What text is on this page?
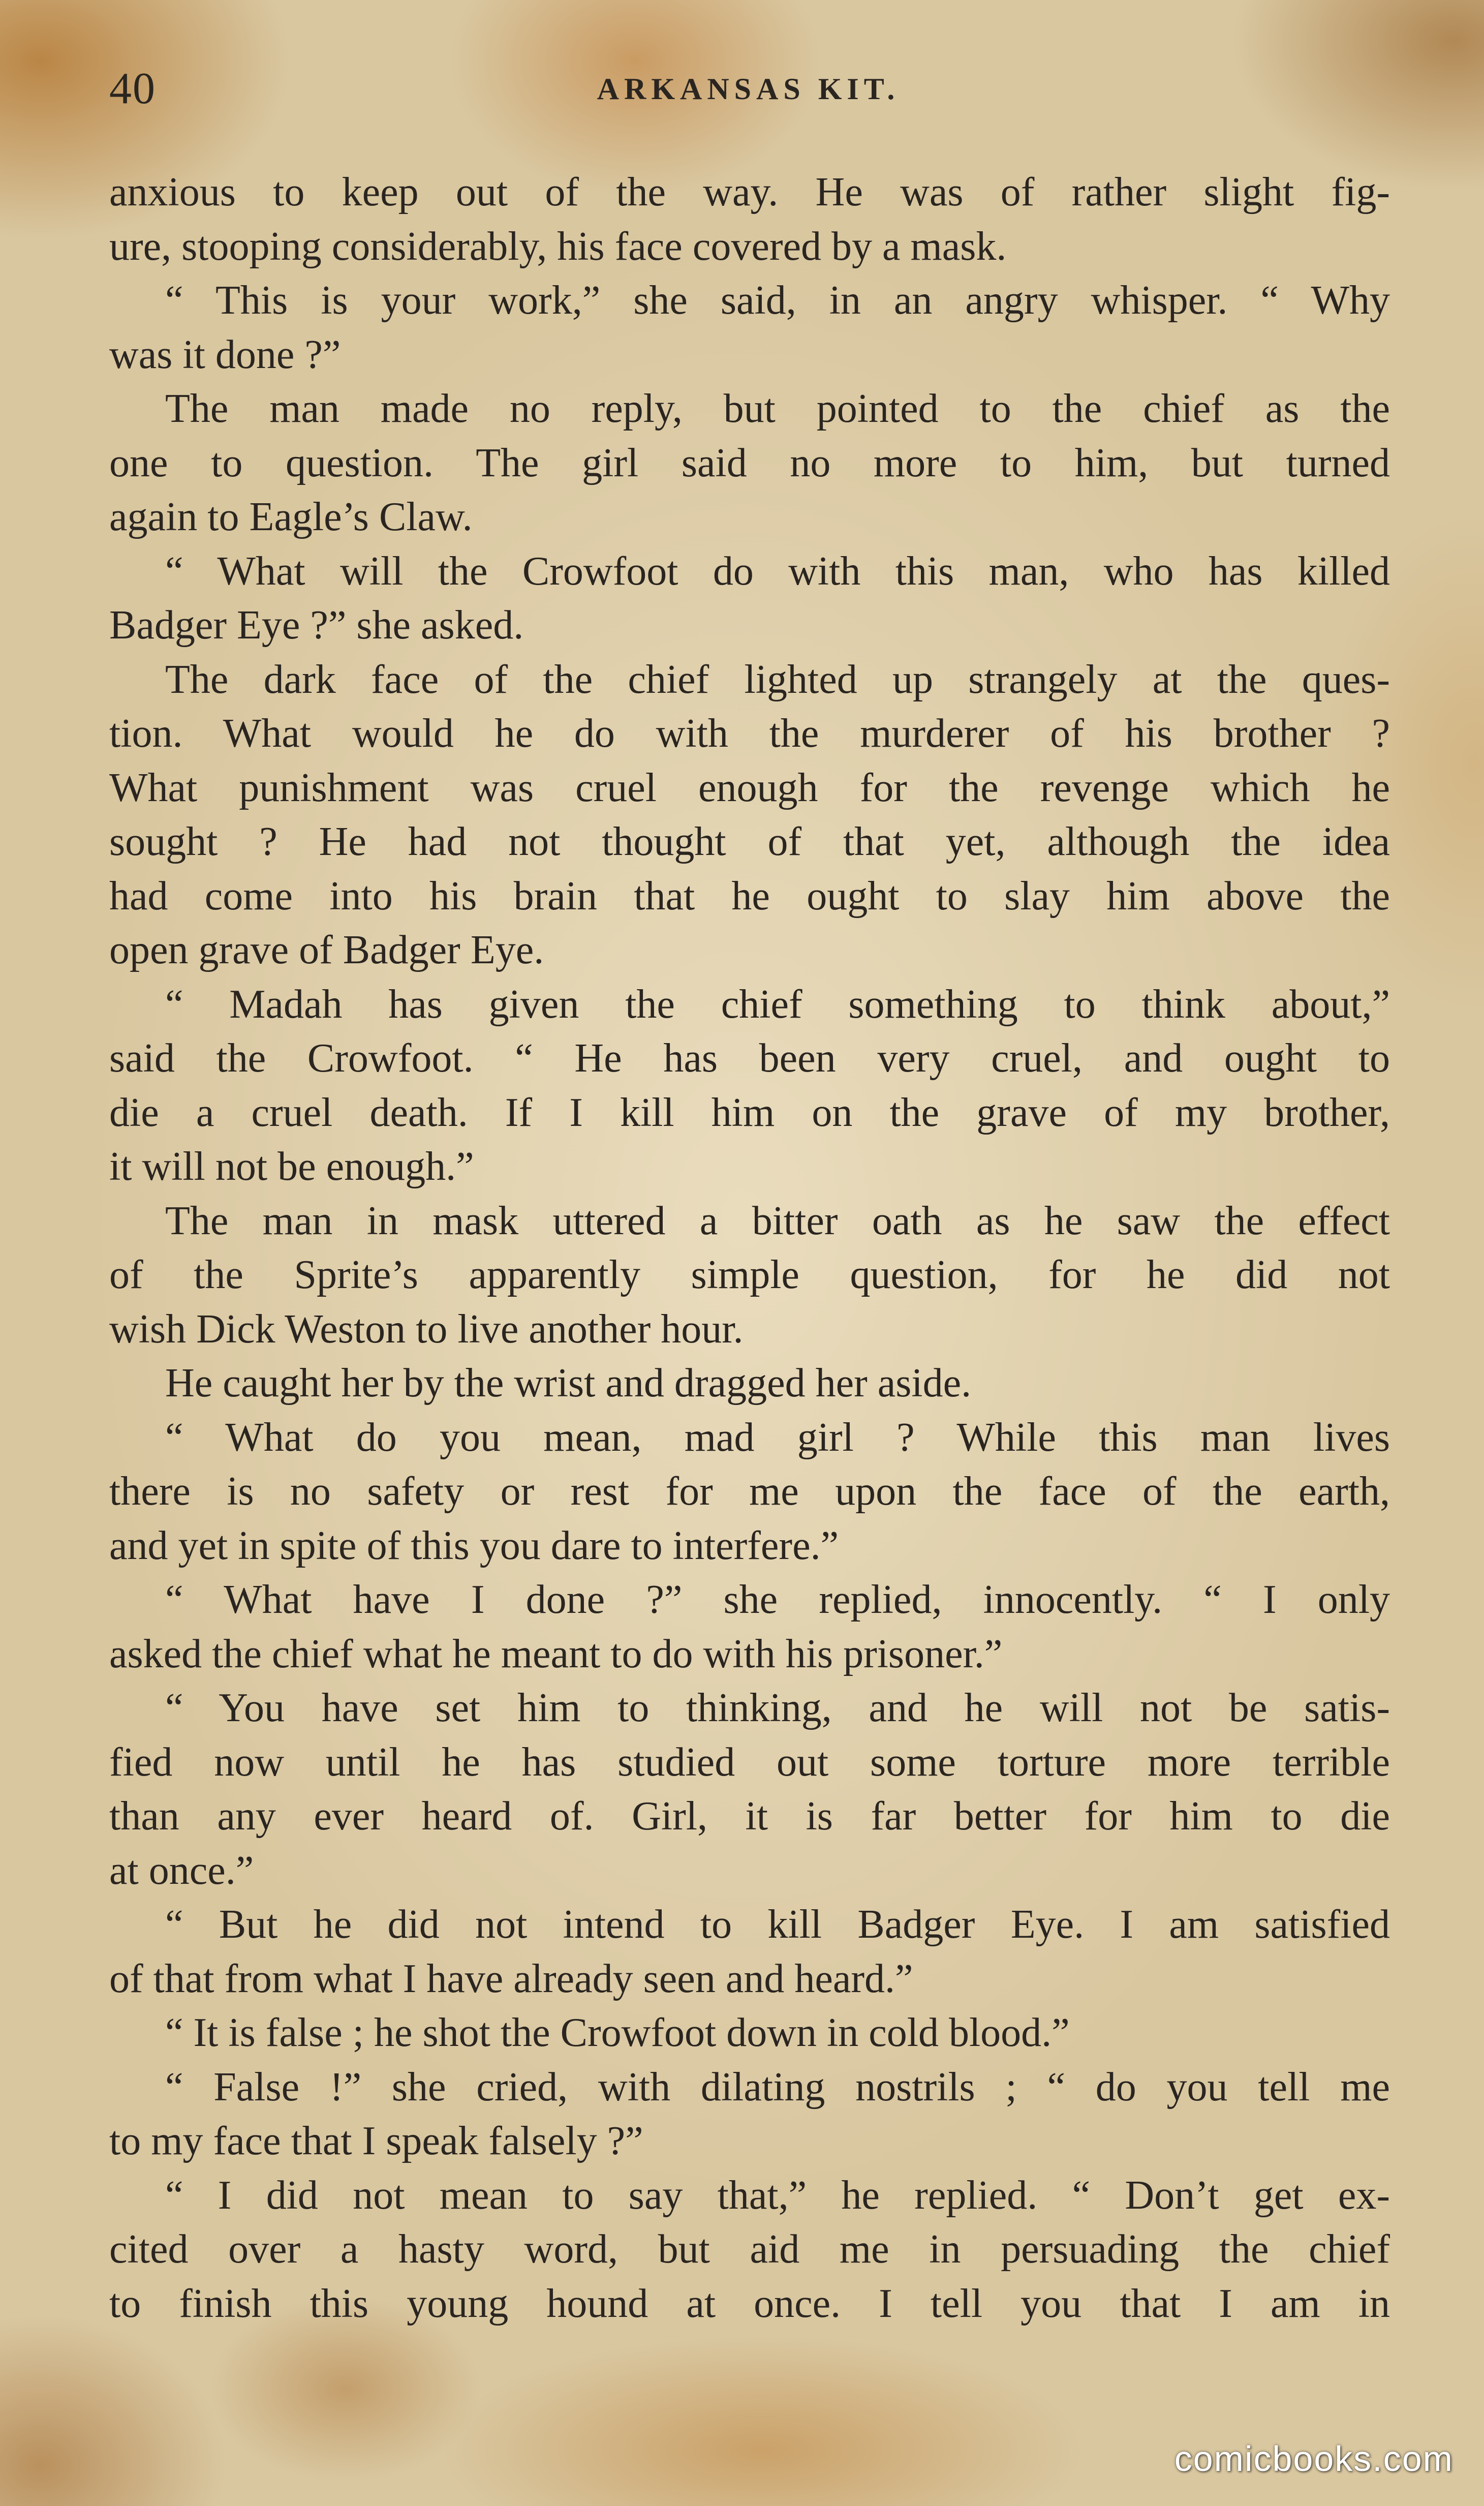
40	ARKANSAS KIT.
anxious to keep out of the way. He was of rather slight fig-
ure, stooping considerably, his face covered by a mask.
“ This is your work,” she said, in an angry whisper. “ Why
was it done ?”
The man made no reply, but pointed to the chief as the
one to question. The girl said no more to him, but turned
again to Eagle’s Claw.
“ What will the Crowfoot do with this man, who has killed
Badger Eye ?” she asked.
The dark face of the chief lighted up strangely at the ques-
tion. What would he do with the murderer of his brother ?
What punishment was cruel enough for the revenge which he
sought ? He had not thought of that yet, although the idea
had come into his brain that he ought to slay him above the
open grave of Badger Eye.
“ Madah has given the chief something to think about,”
said the Crowfoot. “ He has been very cruel, and ought to
die a cruel death. If I kill him on the grave of my brother,
it will not be enough.”
The man in mask uttered a bitter oath as he saw the effect
of the Sprite’s apparently simple question, for he did not
wish Dick Weston to live another hour.
He caught her by the wrist and dragged her aside.
“ What do you mean, mad girl ? While this man lives
there is no safety or rest for me upon the face of the earth,
and yet in spite of this you dare to interfere.”
“ What have I done ?” she replied, innocently. “ I only
asked the chief what he meant to do with his prisoner.”
“ You have set him to thinking, and he will not be satis-
fied now until he has studied out some torture more terrible
than any ever heard of. Girl, it is far better for him to die
at once.”
“ But he did not intend to kill Badger Eye. I am satisfied
of that from what I have already seen and heard.”
“ It is false ; he shot the Crowfoot down in cold blood.”
“ False !” she cried, with dilating nostrils ; “ do you tell me
to my face that I speak falsely ?”
“ I did not mean to say that,” he replied. “ Don’t get ex-
cited over a hasty word, but aid me in persuading the chief
to finish this young hound at once. I tell you that I am in
comicbooks.com
